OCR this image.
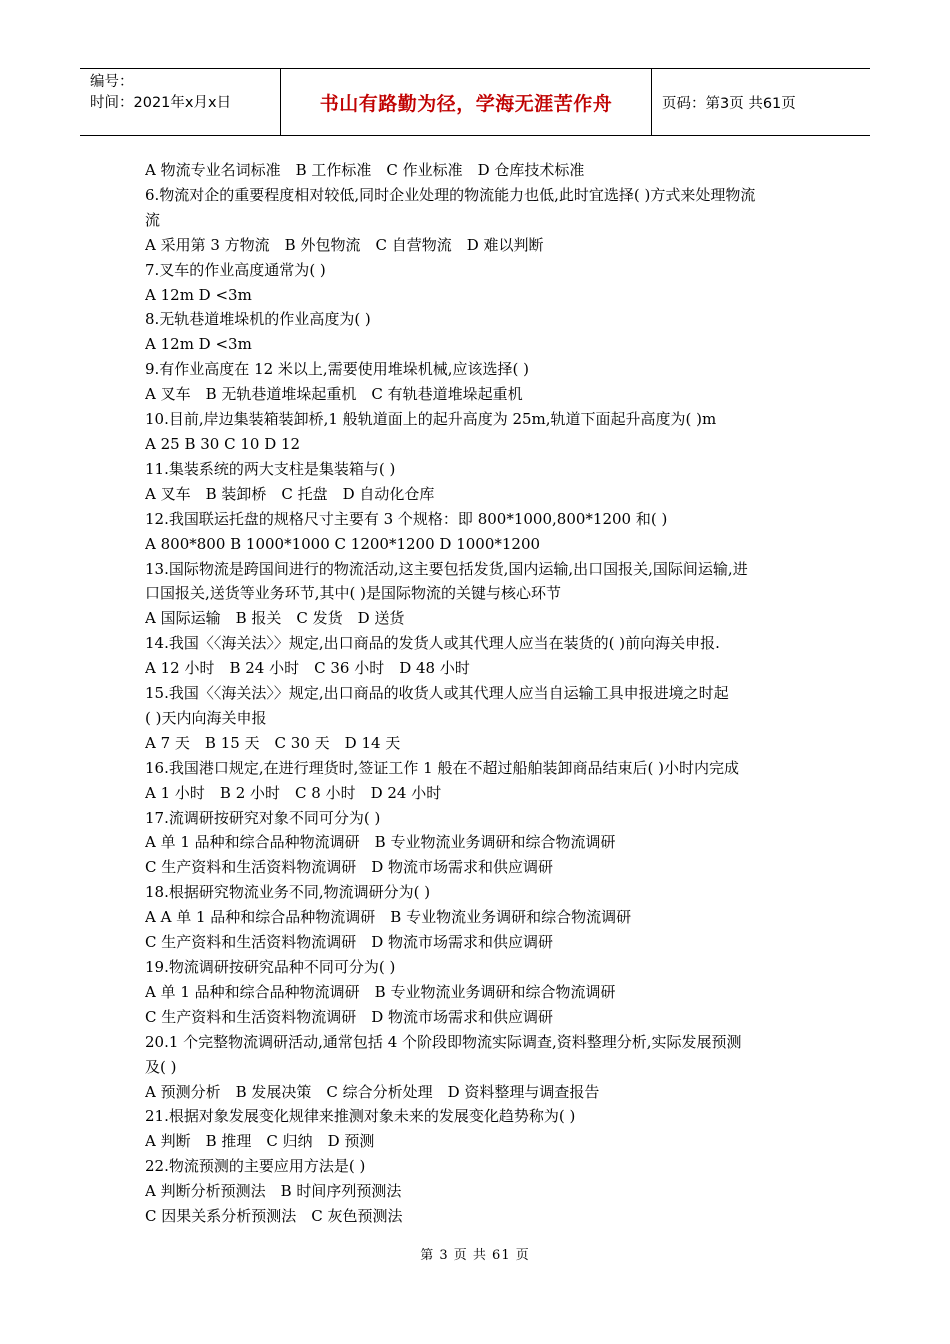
编号：
时间：2021年x月x日	书山有路勤为径，学海无涯苦作舟	页码：第3页 共61页
A 物流专业名词标准　B 工作标准　C 作业标准　D 仓库技术标准
6.物流对企的重要程度相对较低,同时企业处理的物流能力也低,此时宜选择( )方式来处理物流
流
A 采用第 3 方物流　B 外包物流　C 自营物流　D 难以判断
7.叉车的作业高度通常为( )
A 12m D <3m
8.无轨巷道堆垛机的作业高度为( )
A 12m D <3m
9.有作业高度在 12 米以上,需要使用堆垛机械,应该选择( )
A 叉车　B 无轨巷道堆垛起重机　C 有轨巷道堆垛起重机
10.目前,岸边集装箱装卸桥,1 般轨道面上的起升高度为 25m,轨道下面起升高度为( )m
A 25 B 30 C 10 D 12
11.集装系统的两大支柱是集装箱与( )
A 叉车　B 装卸桥　C 托盘　D 自动化仓库
12.我国联运托盘的规格尺寸主要有 3 个规格：即 800*1000,800*1200 和( )
A 800*800 B 1000*1000 C 1200*1200 D 1000*1200
13.国际物流是跨国间进行的物流活动,这主要包括发货,国内运输,出口国报关,国际间运输,进
口国报关,送货等业务环节,其中( )是国际物流的关键与核心环节
A 国际运输　B 报关　C 发货　D 送货
14.我国〈〈海关法〉〉规定,出口商品的发货人或其代理人应当在装货的( )前向海关申报.
A 12 小时　B 24 小时　C 36 小时　D 48 小时
15.我国〈〈海关法〉〉规定,出口商品的收货人或其代理人应当自运输工具申报进境之时起
( )天内向海关申报
A 7 天　B 15 天　C 30 天　D 14 天
16.我国港口规定,在进行理货时,签证工作 1 般在不超过船舶装卸商品结束后( )小时内完成
A 1 小时　B 2 小时　C 8 小时　D 24 小时
17.流调研按研究对象不同可分为( )
A 单 1 品种和综合品种物流调研　B 专业物流业务调研和综合物流调研
C 生产资料和生活资料物流调研　D 物流市场需求和供应调研
18.根据研究物流业务不同,物流调研分为( )
A A 单 1 品种和综合品种物流调研　B 专业物流业务调研和综合物流调研
C 生产资料和生活资料物流调研　D 物流市场需求和供应调研
19.物流调研按研究品种不同可分为( )
A 单 1 品种和综合品种物流调研　B 专业物流业务调研和综合物流调研
C 生产资料和生活资料物流调研　D 物流市场需求和供应调研
20.1 个完整物流调研活动,通常包括 4 个阶段即物流实际调查,资料整理分析,实际发展预测
及( )
A 预测分析　B 发展决策　C 综合分析处理　D 资料整理与调查报告
21.根据对象发展变化规律来推测对象未来的发展变化趋势称为( )
A 判断　B 推理　C 归纳　D 预测
22.物流预测的主要应用方法是( )
A 判断分析预测法　B 时间序列预测法
C 因果关系分析预测法　C 灰色预测法
第 3 页 共 61 页
